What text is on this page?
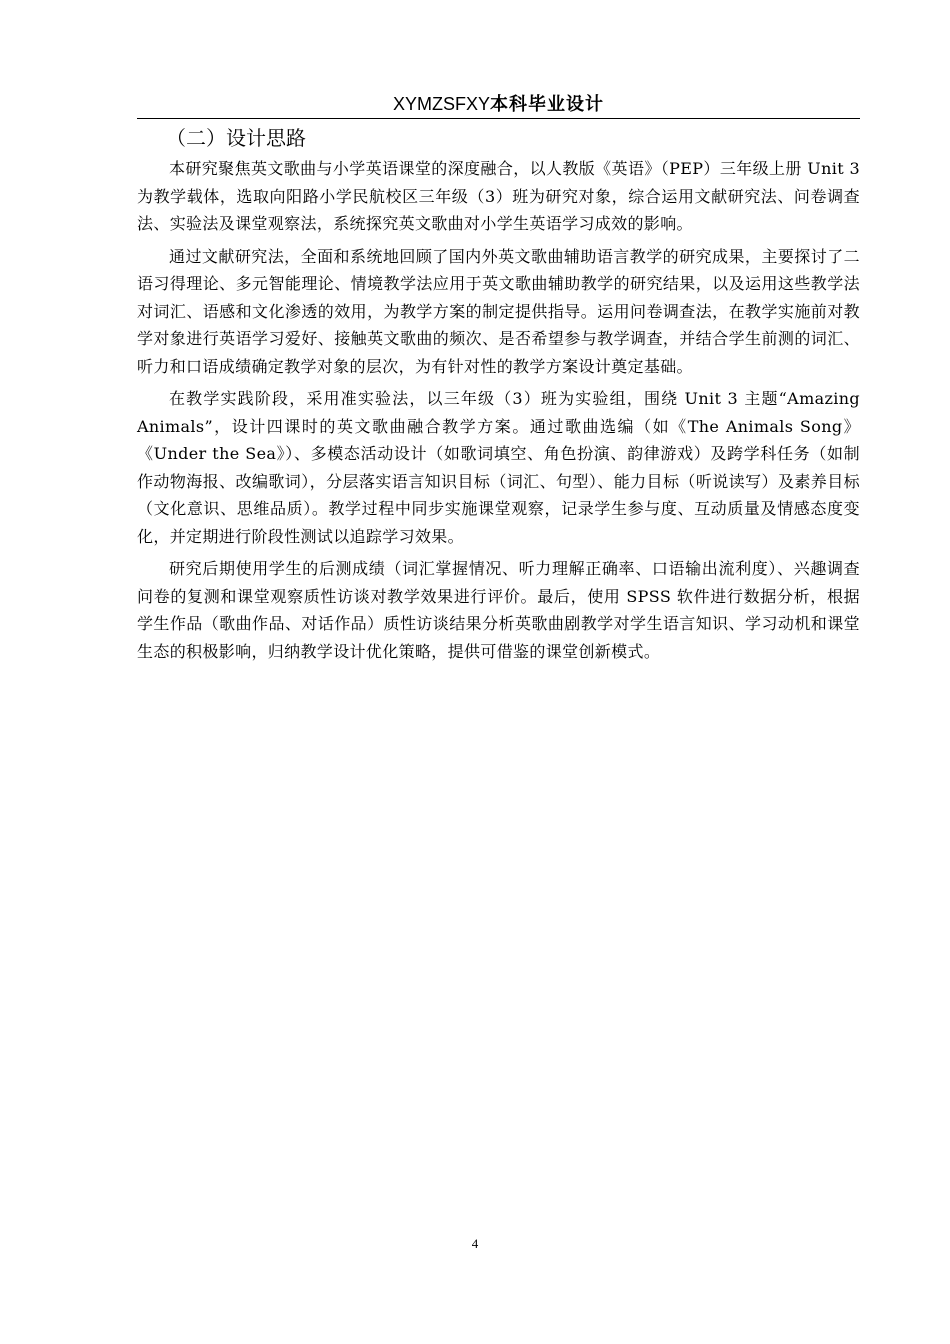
XYMZSFXY本科毕业设计
（二）设计思路

本研究聚焦英文歌曲与小学英语课堂的深度融合，以人教版《英语》（PEP）三年级上册 Unit 3 为教学载体，选取向阳路小学民航校区三年级（3）班为研究对象，综合运用文献研究法、问卷调查法、实验法及课堂观察法，系统探究英文歌曲对小学生英语学习成效的影响。

通过文献研究法，全面和系统地回顾了国内外英文歌曲辅助语言教学的研究成果，主要探讨了二语习得理论、多元智能理论、情境教学法应用于英文歌曲辅助教学的研究结果，以及运用这些教学法对词汇、语感和文化渗透的效用，为教学方案的制定提供指导。运用问卷调查法，在教学实施前对教学对象进行英语学习爱好、接触英文歌曲的频次、是否希望参与教学调查，并结合学生前测的词汇、听力和口语成绩确定教学对象的层次，为有针对性的教学方案设计奠定基础。

在教学实践阶段，采用准实验法，以三年级（3）班为实验组，围绕 Unit 3 主题“Amazing Animals”，设计四课时的英文歌曲融合教学方案。通过歌曲选编（如《The Animals Song》《Under the Sea》）、多模态活动设计（如歌词填空、角色扮演、韵律游戏）及跨学科任务（如制作动物海报、改编歌词），分层落实语言知识目标（词汇、句型）、能力目标（听说读写）及素养目标（文化意识、思维品质）。教学过程中同步实施课堂观察，记录学生参与度、互动质量及情感态度变化，并定期进行阶段性测试以追踪学习效果。

研究后期使用学生的后测成绩（词汇掌握情况、听力理解正确率、口语输出流利度）、兴趣调查问卷的复测和课堂观察质性访谈对教学效果进行评价。最后，使用 SPSS 软件进行数据分析，根据学生作品（歌曲作品、对话作品）质性访谈结果分析英歌曲剧教学对学生语言知识、学习动机和课堂生态的积极影响，归纳教学设计优化策略，提供可借鉴的课堂创新模式。

4
